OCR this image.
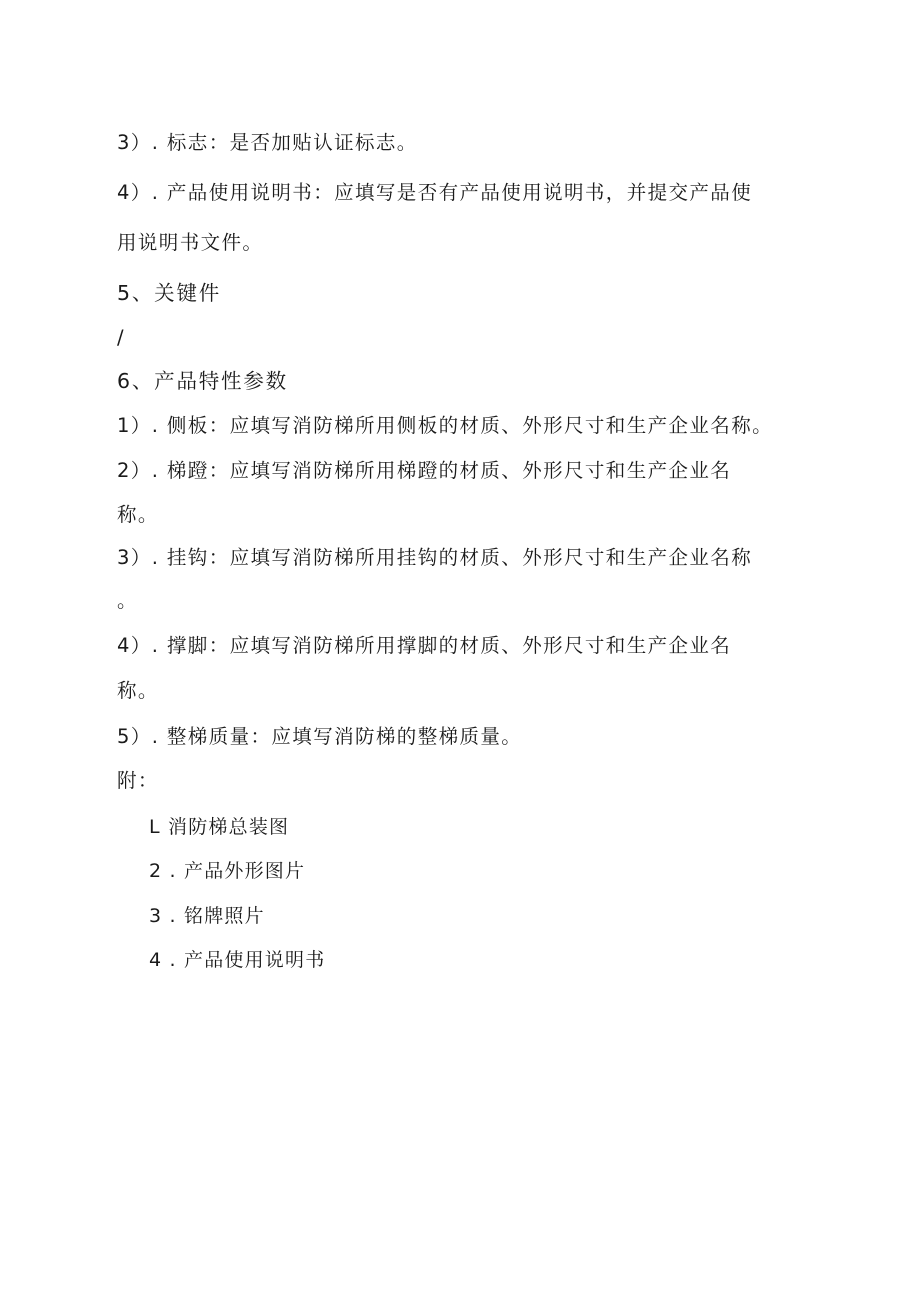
3）. 标志：是否加贴认证标志。
4）. 产品使用说明书：应填写是否有产品使用说明书，并提交产品使
用说明书文件。
5、关键件
/
6、产品特性参数
1）. 侧板：应填写消防梯所用侧板的材质、外形尺寸和生产企业名称。
2）. 梯蹬：应填写消防梯所用梯蹬的材质、外形尺寸和生产企业名
称。
3）. 挂钩：应填写消防梯所用挂钩的材质、外形尺寸和生产企业名称
。
4）. 撑脚：应填写消防梯所用撑脚的材质、外形尺寸和生产企业名
称。
5）. 整梯质量：应填写消防梯的整梯质量。
附：
L 消防梯总装图
2 . 产品外形图片
3 . 铭牌照片
4 . 产品使用说明书
